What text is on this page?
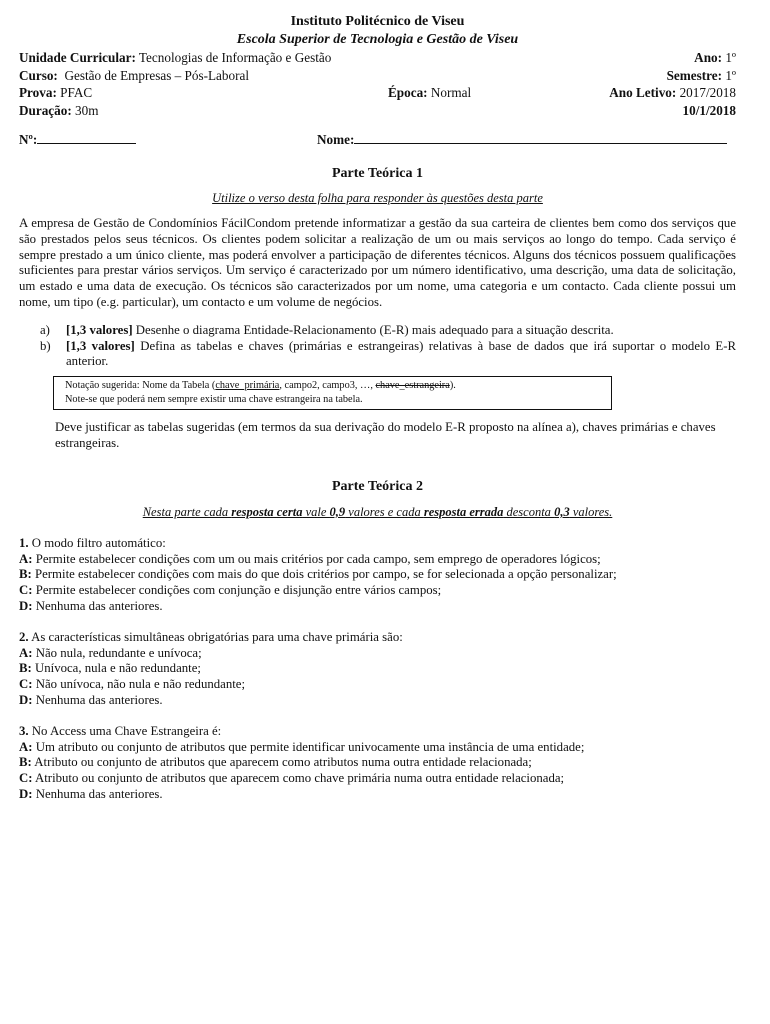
Instituto Politécnico de Viseu
Escola Superior de Tecnologia e Gestão de Viseu
Unidade Curricular: Tecnologias de Informação e Gestão	Ano: 1º
Curso:  Gestão de Empresas – Pós-Laboral	Semestre: 1º
Prova: PFAC	Época: Normal	Ano Letivo: 2017/2018
Duração: 30m	10/1/2018
Nº:	Nome:
Parte Teórica 1
Utilize o verso desta folha para responder às questões desta parte
A empresa de Gestão de Condomínios FácilCondom pretende informatizar a gestão da sua carteira de clientes bem como dos serviços que são prestados pelos seus técnicos. Os clientes podem solicitar a realização de um ou mais serviços ao longo do tempo. Cada serviço é sempre prestado a um único cliente, mas poderá envolver a participação de diferentes técnicos. Alguns dos técnicos possuem qualificações suficientes para prestar vários serviços. Um serviço é caracterizado por um número identificativo, uma descrição, uma data de solicitação, um estado e uma data de execução. Os técnicos são caracterizados por um nome, uma categoria e um contacto. Cada cliente possui um nome, um tipo (e.g. particular), um contacto e um volume de negócios.
a) [1,3 valores] Desenhe o diagrama Entidade-Relacionamento (E-R) mais adequado para a situação descrita.
b) [1,3 valores] Defina as tabelas e chaves (primárias e estrangeiras) relativas à base de dados que irá suportar o modelo E-R anterior.
Notação sugerida: Nome da Tabela (chave_primária, campo2, campo3, …, chave_estrangeira).
Note-se que poderá nem sempre existir uma chave estrangeira na tabela.
Deve justificar as tabelas sugeridas (em termos da sua derivação do modelo E-R proposto na alínea a), chaves primárias e chaves estrangeiras.
Parte Teórica 2
Nesta parte cada resposta certa vale 0,9 valores e cada resposta errada desconta 0,3 valores.
1. O modo filtro automático:
A: Permite estabelecer condições com um ou mais critérios por cada campo, sem emprego de operadores lógicos;
B: Permite estabelecer condições com mais do que dois critérios por campo, se for selecionada a opção personalizar;
C: Permite estabelecer condições com conjunção e disjunção entre vários campos;
D: Nenhuma das anteriores.
2. As características simultâneas obrigatórias para uma chave primária são:
A: Não nula, redundante e unívoca;
B: Unívoca, nula e não redundante;
C: Não unívoca, não nula e não redundante;
D: Nenhuma das anteriores.
3. No Access uma Chave Estrangeira é:
A: Um atributo ou conjunto de atributos que permite identificar univocamente uma instância de uma entidade;
B: Atributo ou conjunto de atributos que aparecem como atributos numa outra entidade relacionada;
C: Atributo ou conjunto de atributos que aparecem como chave primária numa outra entidade relacionada;
D: Nenhuma das anteriores.
